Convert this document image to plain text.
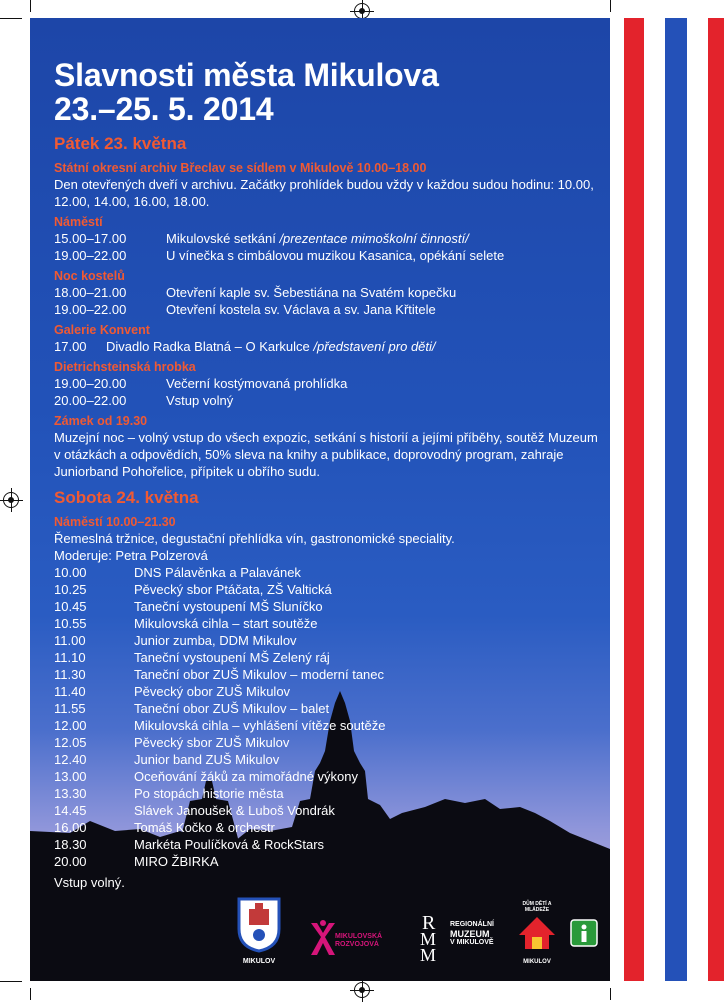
Slavnosti města Mikulova
23.–25. 5. 2014
Pátek 23. května
Státní okresní archiv Břeclav se sídlem v Mikulově 10.00–18.00
Den otevřených dveří v archivu. Začátky prohlídek budou vždy v každou sudou hodinu: 10.00, 12.00, 14.00, 16.00, 18.00.
Náměstí
15.00–17.00	Mikulovské setkání /prezentace mimoškolní činností/
19.00–22.00	U vínečka s cimbálovou muzikou Kasanica, opékání selete
Noc kostelů
18.00–21.00	Otevření kaple sv. Šebestiána na Svatém kopečku
19.00–22.00	Otevření kostela sv. Václava a sv. Jana Křtitele
Galerie Konvent
17.00	Divadlo Radka Blatná – O Karkulce /představení pro děti/
Dietrichsteinská hrobka
19.00–20.00	Večerní kostýmovaná prohlídka
20.00–22.00	Vstup volný
Zámek od 19.30
Muzejní noc – volný vstup do všech expozic, setkání s historií a jejími příběhy, soutěž Muzeum v otázkách a odpovědích, 50% sleva na knihy a publikace, doprovodný program, zahraje Juniorband Pohořelice, přípitek u obřího sudu.
Sobota 24. května
Náměstí 10.00–21.30
Řemeslná tržnice, degustační přehlídka vín, gastronomické speciality.
Moderuje: Petra Polzerová
10.00	DNS Pálavěnka a Palavánek
10.25	Pěvecký sbor Ptáčata, ZŠ Valtická
10.45	Taneční vystoupení MŠ Sluníčko
10.55	Mikulovská cihla – start soutěže
11.00	Junior zumba, DDM Mikulov
11.10	Taneční vystoupení MŠ Zelený ráj
11.30	Taneční obor ZUŠ Mikulov – moderní tanec
11.40	Pěvecký obor ZUŠ Mikulov
11.55	Taneční obor ZUŠ Mikulov – balet
12.00	Mikulovská cihla – vyhlášení vítěze soutěže
12.05	Pěvecký sbor ZUŠ Mikulov
12.40	Junior band ZUŠ Mikulov
13.00	Oceňování žáků za mimořádné výkony
13.30	Po stopách historie města
14.45	Slávek Janoušek & Luboš Vondrák
16.00	Tomáš Kočko & orchestr
18.30	Markéta Poulíčková & RockStars
20.00	MIRO ŽBIRKA
Vstup volný.
MIKULOV
MIKULOVSKÁ
ROZVOJOVÁ
R
M
M
REGIONÁLNÍ
MUZEUM
V MIKULOVĚ
DŮM DĚTÍ A MLÁDEŽE
MIKULOV
